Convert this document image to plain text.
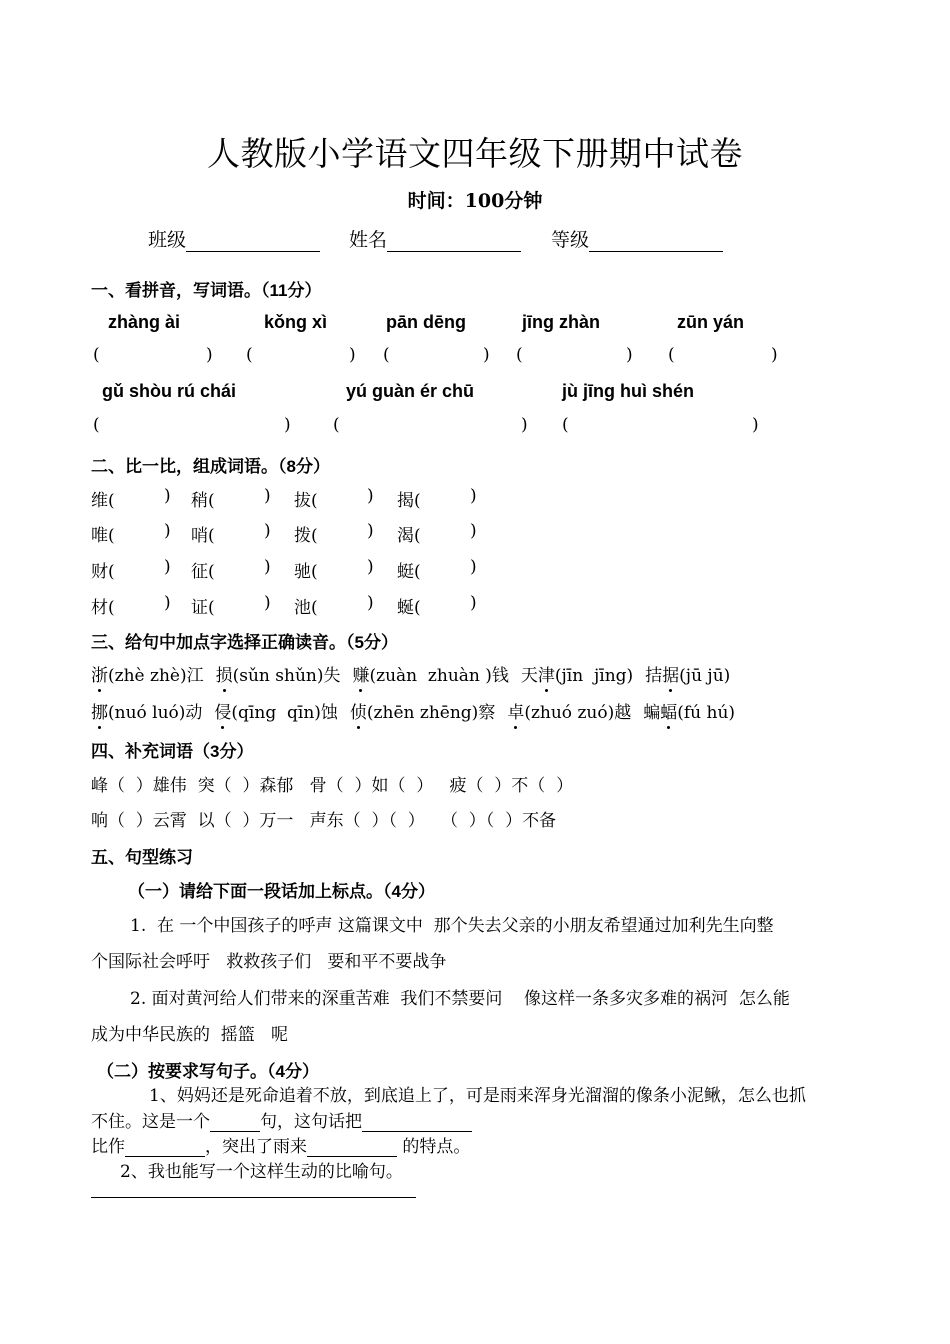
人教版小学语文四年级下册期中试卷
时间：100分钟
班级	姓名	等级
一、看拼音，写词语。（11分）
zhàng ài	kǒng xì	pān dēng	jīng zhàn	zūn yán
(	) (	) (	) (	) (	)
gǔ shòu rú chái	yú guàn ér chū	jù jīng huì shén
(	) (	) (	)
二、比一比，组成词语。（8分）
维(	) 稍(	) 拔(	) 揭(	)
唯(	) 哨(	) 拨(	) 渴(	)
财(	) 征(	) 驰(	) 蜓(	)
材(	) 证(	) 池(	) 蜒(	)
三、给句中加点字选择正确读音。（5分）
浙(zhè zhè)江 损(sǔn shǔn)失 赚(zuàn  zhuàn )钱 天津(jīn  jīng) 拮据(jū jū)
挪(nuó luó)动 侵(qīng  qīn)蚀 侦(zhēn zhēng)察 卓(zhuó zuó)越 蝙蝠(fú hú)
四、补充词语（3分）
峰（  ）雄伟  突（  ）森郁   骨（  ）如（  ）   疲（  ）不（  ）
响（  ）云霄  以（  ）万一   声东（  ）（  ）   （  ）（  ）不备
五、句型练习
（一）请给下面一段话加上标点。（4分）
1.  在 一个中国孩子的呼声 这篇课文中  那个失去父亲的小朋友希望通过加利先生向整
个国际社会呼吁   救救孩子们   要和平不要战争
2. 面对黄河给人们带来的深重苦难  我们不禁要问    像这样一条多灾多难的祸河  怎么能
成为中华民族的  摇篮   呢
（二）按要求写句子。（4分）
1、妈妈还是死命追着不放，到底追上了，可是雨来浑身光溜溜的像条小泥鳅，怎么也抓
不住。这是一个	句，这句话把
比作	，突出了雨来	的特点。
2、我也能写一个这样生动的比喻句。
